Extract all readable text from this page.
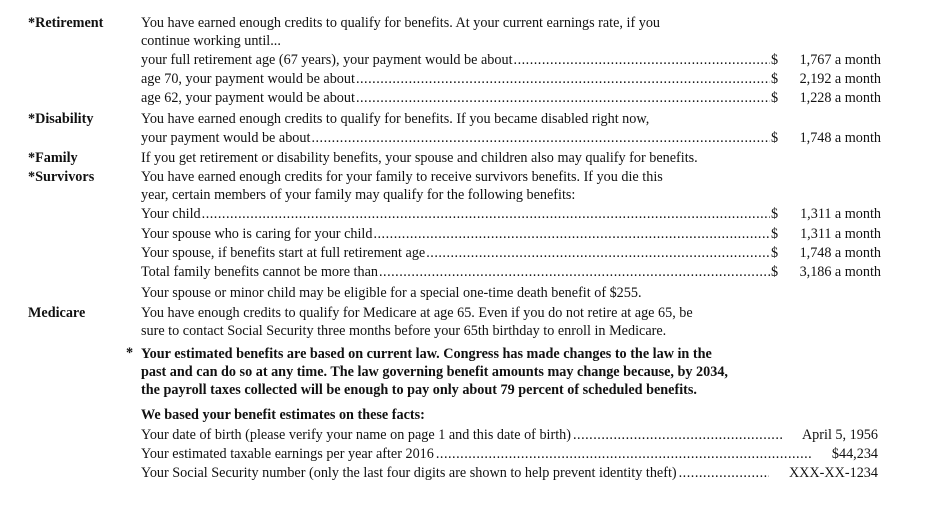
*Retirement	You have earned enough credits to qualify for benefits. At your current earnings rate, if you
continue working until...
your full retirement age (67 years), your payment would be about .....	$	1,767 a month
age 70, your payment would be about .....	$	2,192 a month
age 62, your payment would be about .....	$	1,228 a month
*Disability	You have earned enough credits to qualify for benefits. If you became disabled right now,
your payment would be about .....	$	1,748 a month
*Family	If you get retirement or disability benefits, your spouse and children also may qualify for benefits.
*Survivors	You have earned enough credits for your family to receive survivors benefits. If you die this
year, certain members of your family may qualify for the following benefits:
Your child .....	$	1,311 a month
Your spouse who is caring for your child .....	$	1,311 a month
Your spouse, if benefits start at full retirement age .....	$	1,748 a month
Total family benefits cannot be more than .....	$	3,186 a month
Your spouse or minor child may be eligible for a special one-time death benefit of $255.
Medicare	You have enough credits to qualify for Medicare at age 65. Even if you do not retire at age 65, be
sure to contact Social Security three months before your 65th birthday to enroll in Medicare.
* Your estimated benefits are based on current law. Congress has made changes to the law in the
past and can do so at any time. The law governing benefit amounts may change because, by 2034,
the payroll taxes collected will be enough to pay only about 79 percent of scheduled benefits.
We based your benefit estimates on these facts:
Your date of birth (please verify your name on page 1 and this date of birth) .....	April 5, 1956
Your estimated taxable earnings per year after 2016 .....	$44,234
Your Social Security number (only the last four digits are shown to help prevent identity theft) .....	XXX-XX-1234
